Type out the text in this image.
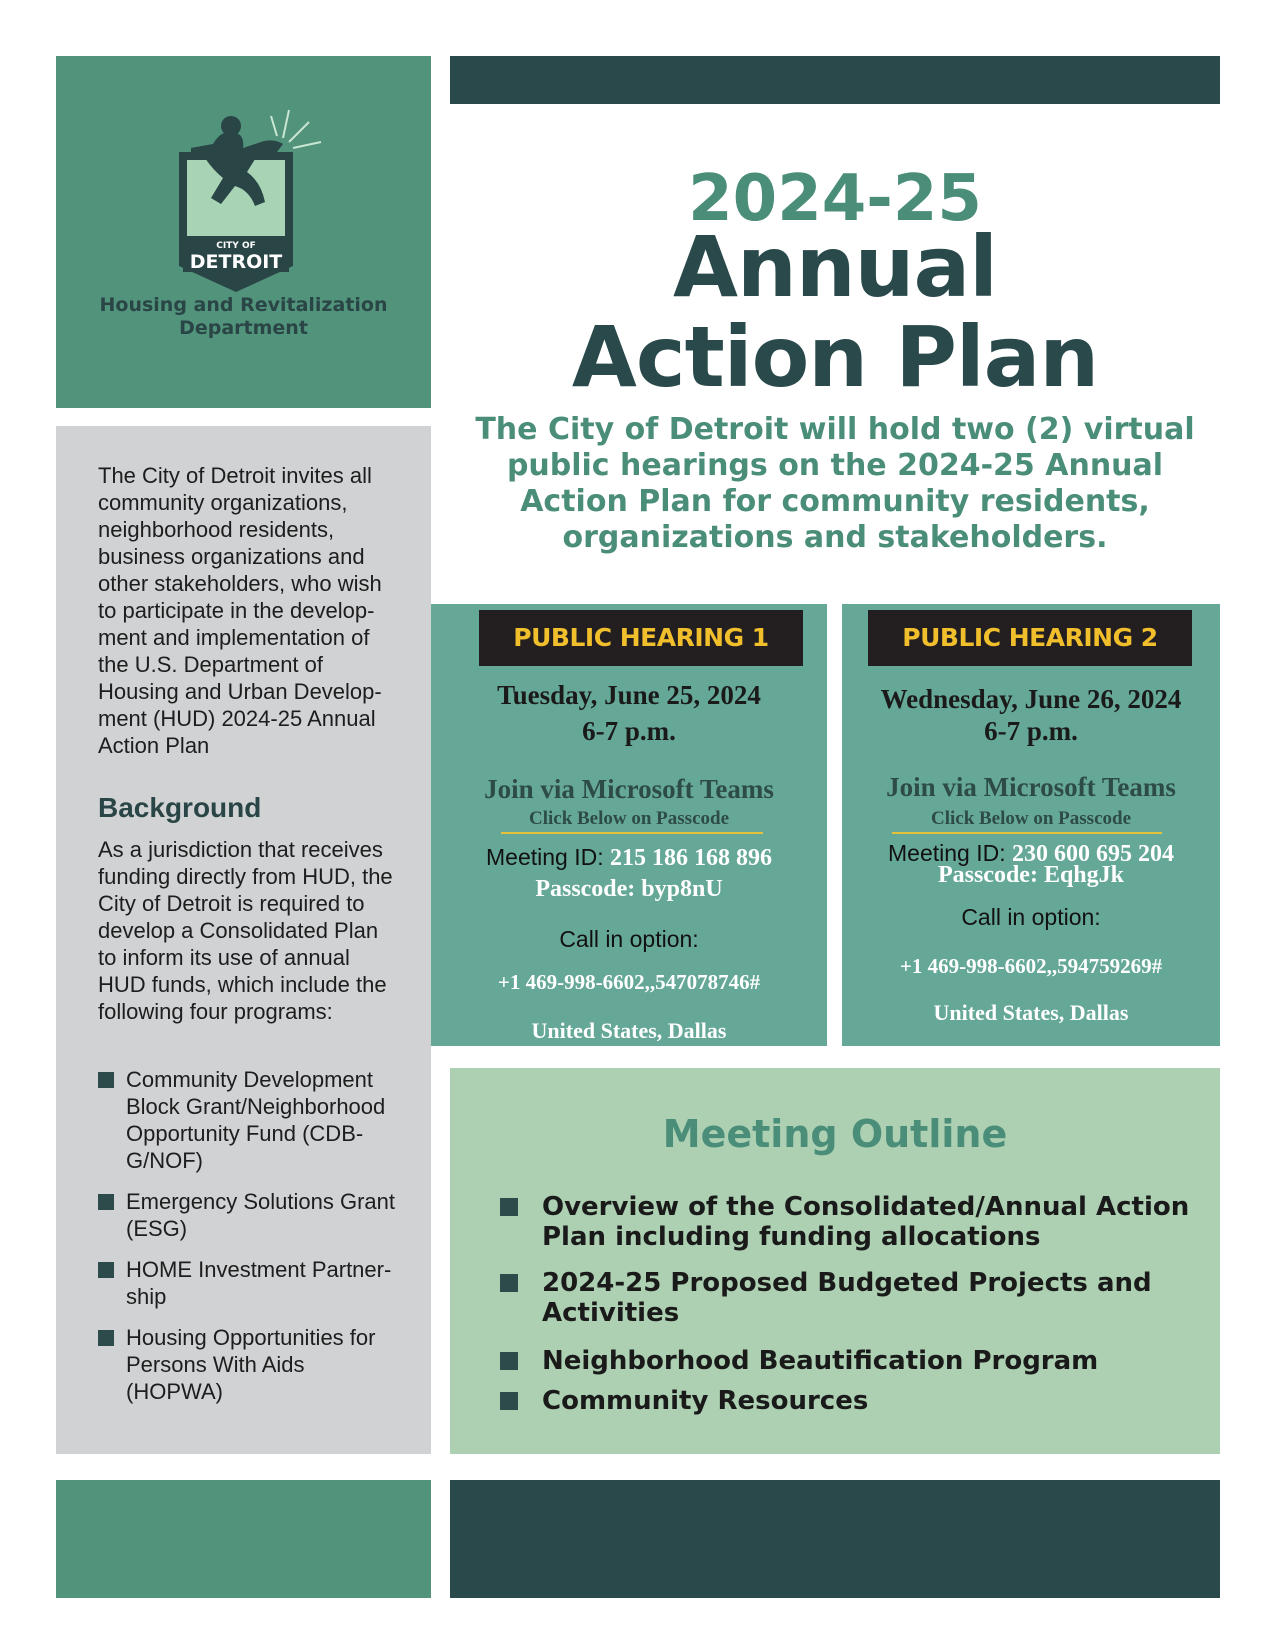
CITY OF
DETROIT
Housing and Revitalization Department
2024-25
Annual
Action Plan
The City of Detroit will hold two (2) virtual public hearings on the 2024-25 Annual Action Plan for community residents, organizations and stakeholders.
The City of Detroit invites all community organizations, neighborhood residents, business organizations and other stakeholders, who wish to participate in the develop-ment and implementation of the U.S. Department of Housing and Urban Develop-ment (HUD) 2024-25 Annual Action Plan
Background
As a jurisdiction that receives funding directly from HUD, the City of Detroit is required to develop a Consolidated Plan to inform its use of annual HUD funds, which include the following four programs:
Community Development Block Grant/Neighborhood Opportunity Fund (CDB-G/NOF)
Emergency Solutions Grant (ESG)
HOME Investment Partner-ship
Housing Opportunities for Persons With Aids (HOPWA)
PUBLIC HEARING 1
Tuesday, June 25, 2024
6-7 p.m.
Join via Microsoft Teams
Click Below on Passcode
Meeting ID: 215 186 168 896
Passcode: byp8nU
Call in option:
+1 469-998-6602,,547078746#
United States, Dallas
PUBLIC HEARING 2
Wednesday, June 26, 2024
6-7 p.m.
Join via Microsoft Teams
Click Below on Passcode
Meeting ID: 230 600 695 204
Passcode: EqhgJk
Call in option:
+1 469-998-6602,,594759269#
United States, Dallas
Meeting Outline
Overview of the Consolidated/Annual Action Plan including funding allocations
2024-25 Proposed Budgeted Projects and Activities
Neighborhood Beautification Program
Community Resources
